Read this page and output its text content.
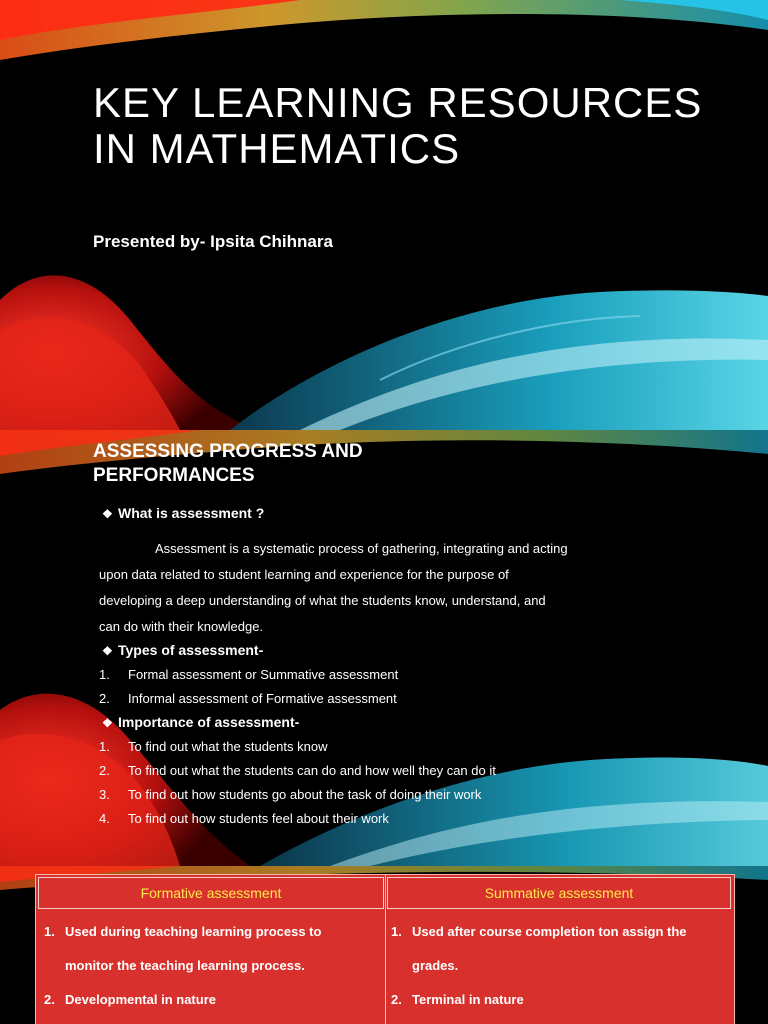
KEY LEARNING RESOURCES
IN MATHEMATICS
Presented by- Ipsita Chihnara
ASSESSING PROGRESS AND
PERFORMANCES
❖ What is assessment ?
Assessment is a systematic process of gathering, integrating and acting
upon data related to student learning and experience for the purpose of
developing a deep understanding of what the students know, understand, and
can do with their knowledge.
❖ Types of assessment-
1. Formal assessment or Summative assessment
2. Informal assessment of Formative assessment
❖ Importance of assessment-
1. To find out what the students know
2. To find out what the students can do and how well they can do it
3. To find out how students go about the task of doing their work
4. To find out how students feel about their work
Formative assessment	Summative assessment
1. Used during teaching learning process to
monitor the teaching learning process.
2. Developmental in nature
1. Used after course completion ton assign the
grades.
2. Terminal in nature
